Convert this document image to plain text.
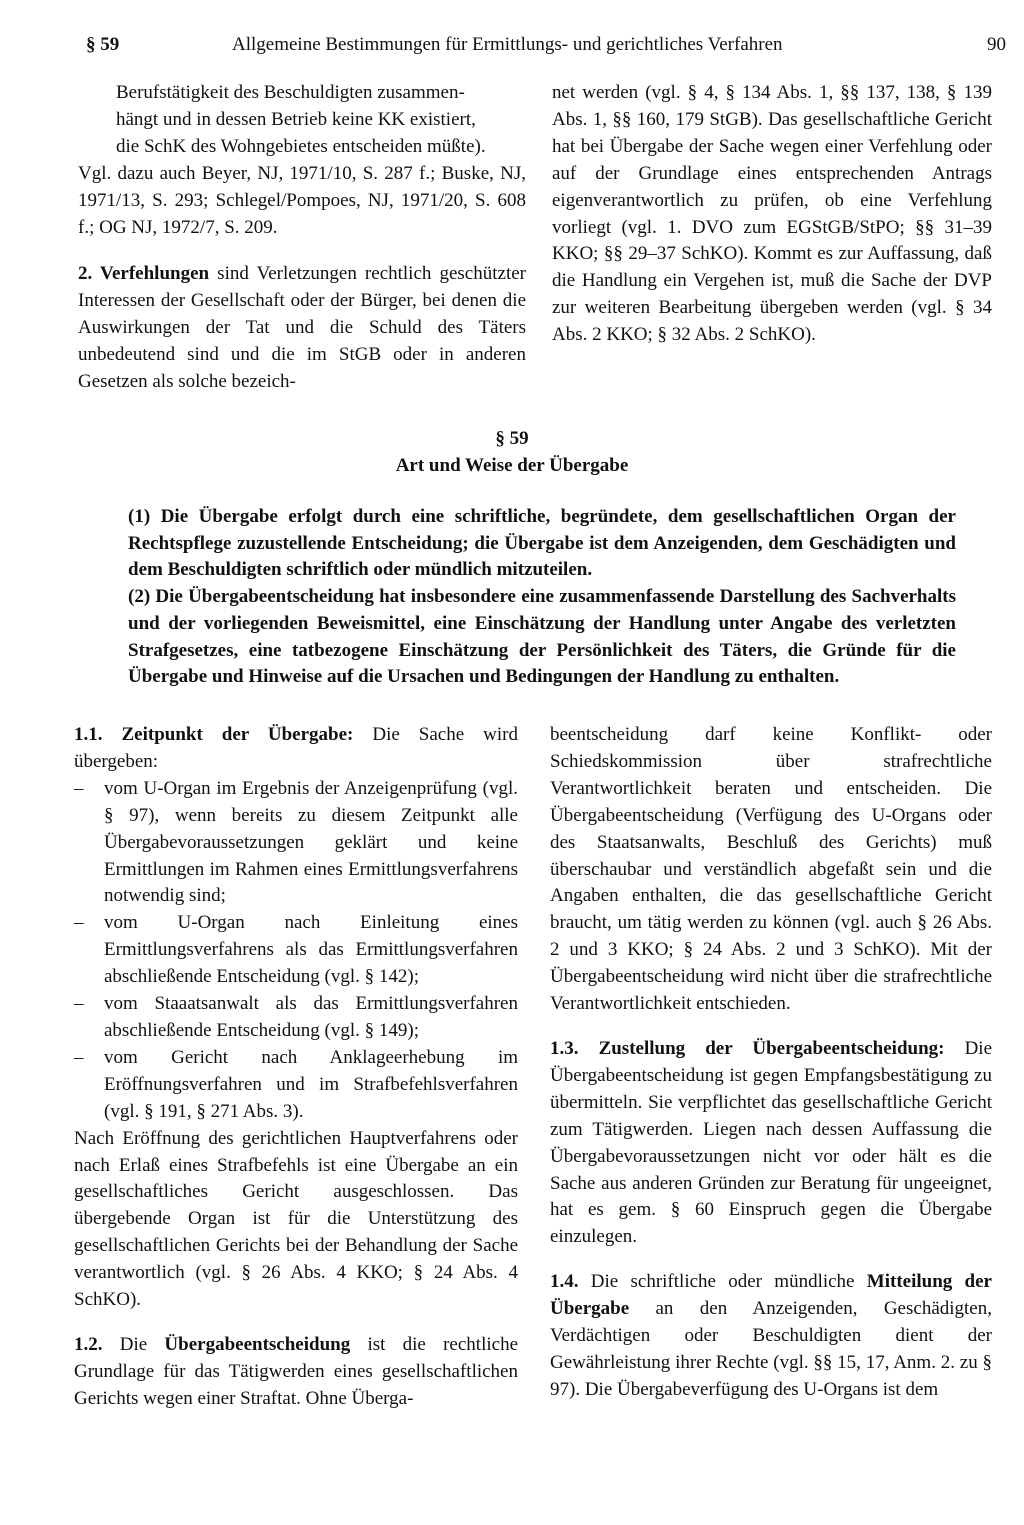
§ 59	Allgemeine Bestimmungen für Ermittlungs- und gerichtliches Verfahren	90

Berufstätigkeit des Beschuldigten zusammen-
hängt und in dessen Betrieb keine KK existiert,
die SchK des Wohngebietes entscheiden müßte).

Vgl. dazu auch Beyer, NJ, 1971/10, S. 287 f.; Buske, NJ, 1971/13, S. 293; Schlegel/Pompoes, NJ, 1971/20, S. 608 f.; OG NJ, 1972/7, S. 209.

2. Verfehlungen sind Verletzungen rechtlich geschützter Interessen der Gesellschaft oder der Bürger, bei denen die Auswirkungen der Tat und die Schuld des Täters unbedeutend sind und die im StGB oder in anderen Gesetzen als solche bezeich-

net werden (vgl. § 4, § 134 Abs. 1, §§ 137, 138, § 139 Abs. 1, §§ 160, 179 StGB). Das gesellschaftliche Gericht hat bei Übergabe der Sache wegen einer Verfehlung oder auf der Grundlage eines entsprechenden Antrags eigenverantwortlich zu prüfen, ob eine Verfehlung vorliegt (vgl. 1. DVO zum EGStGB/StPO; §§ 31–39 KKO; §§ 29–37 SchKO). Kommt es zur Auffassung, daß die Handlung ein Vergehen ist, muß die Sache der DVP zur weiteren Bearbeitung übergeben werden (vgl. § 34 Abs. 2 KKO; § 32 Abs. 2 SchKO).

§ 59
Art und Weise der Übergabe

(1) Die Übergabe erfolgt durch eine schriftliche, begründete, dem gesellschaftlichen Organ der Rechtspflege zuzustellende Entscheidung; die Übergabe ist dem Anzeigenden, dem Geschädigten und dem Beschuldigten schriftlich oder mündlich mitzuteilen.

(2) Die Übergabeentscheidung hat insbesondere eine zusammenfassende Darstellung des Sachverhalts und der vorliegenden Beweismittel, eine Einschätzung der Handlung unter Angabe des verletzten Strafgesetzes, eine tatbezogene Einschätzung der Persönlichkeit des Täters, die Gründe für die Übergabe und Hinweise auf die Ursachen und Bedingungen der Handlung zu enthalten.

1.1. Zeitpunkt der Übergabe: Die Sache wird übergeben:

– vom U-Organ im Ergebnis der Anzeigenprüfung (vgl. § 97), wenn bereits zu diesem Zeitpunkt alle Übergabevoraussetzungen geklärt und keine Ermittlungen im Rahmen eines Ermittlungsverfahrens notwendig sind;

– vom U-Organ nach Einleitung eines Ermittlungsverfahrens als das Ermittlungsverfahren abschließende Entscheidung (vgl. § 142);

– vom Staaatsanwalt als das Ermittlungsverfahren abschließende Entscheidung (vgl. § 149);

– vom Gericht nach Anklageerhebung im Eröffnungsverfahren und im Strafbefehlsverfahren (vgl. § 191, § 271 Abs. 3).

Nach Eröffnung des gerichtlichen Hauptverfahrens oder nach Erlaß eines Strafbefehls ist eine Übergabe an ein gesellschaftliches Gericht ausgeschlossen. Das übergebende Organ ist für die Unterstützung des gesellschaftlichen Gerichts bei der Behandlung der Sache verantwortlich (vgl. § 26 Abs. 4 KKO; § 24 Abs. 4 SchKO).

1.2. Die Übergabeentscheidung ist die rechtliche Grundlage für das Tätigwerden eines gesellschaftlichen Gerichts wegen einer Straftat. Ohne Überga-

beentscheidung darf keine Konflikt- oder Schiedskommission über strafrechtliche Verantwortlichkeit beraten und entscheiden. Die Übergabeentscheidung (Verfügung des U-Organs oder des Staatsanwalts, Beschluß des Gerichts) muß überschaubar und verständlich abgefaßt sein und die Angaben enthalten, die das gesellschaftliche Gericht braucht, um tätig werden zu können (vgl. auch § 26 Abs. 2 und 3 KKO; § 24 Abs. 2 und 3 SchKO). Mit der Übergabeentscheidung wird nicht über die strafrechtliche Verantwortlichkeit entschieden.

1.3. Zustellung der Übergabeentscheidung: Die Übergabeentscheidung ist gegen Empfangsbestätigung zu übermitteln. Sie verpflichtet das gesellschaftliche Gericht zum Tätigwerden. Liegen nach dessen Auffassung die Übergabevoraussetzungen nicht vor oder hält es die Sache aus anderen Gründen zur Beratung für ungeeignet, hat es gem. § 60 Einspruch gegen die Übergabe einzulegen.

1.4. Die schriftliche oder mündliche Mitteilung der Übergabe an den Anzeigenden, Geschädigten, Verdächtigen oder Beschuldigten dient der Gewährleistung ihrer Rechte (vgl. §§ 15, 17, Anm. 2. zu § 97). Die Übergabeverfügung des U-Organs ist dem
